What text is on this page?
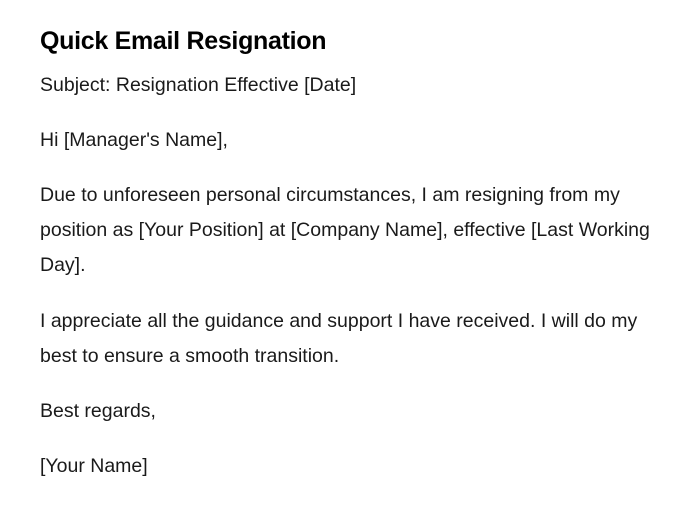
Quick Email Resignation

Subject: Resignation Effective [Date]

Hi [Manager's Name],

Due to unforeseen personal circumstances, I am resigning from my position as [Your Position] at [Company Name], effective [Last Working Day].

I appreciate all the guidance and support I have received. I will do my best to ensure a smooth transition.

Best regards,

[Your Name]
